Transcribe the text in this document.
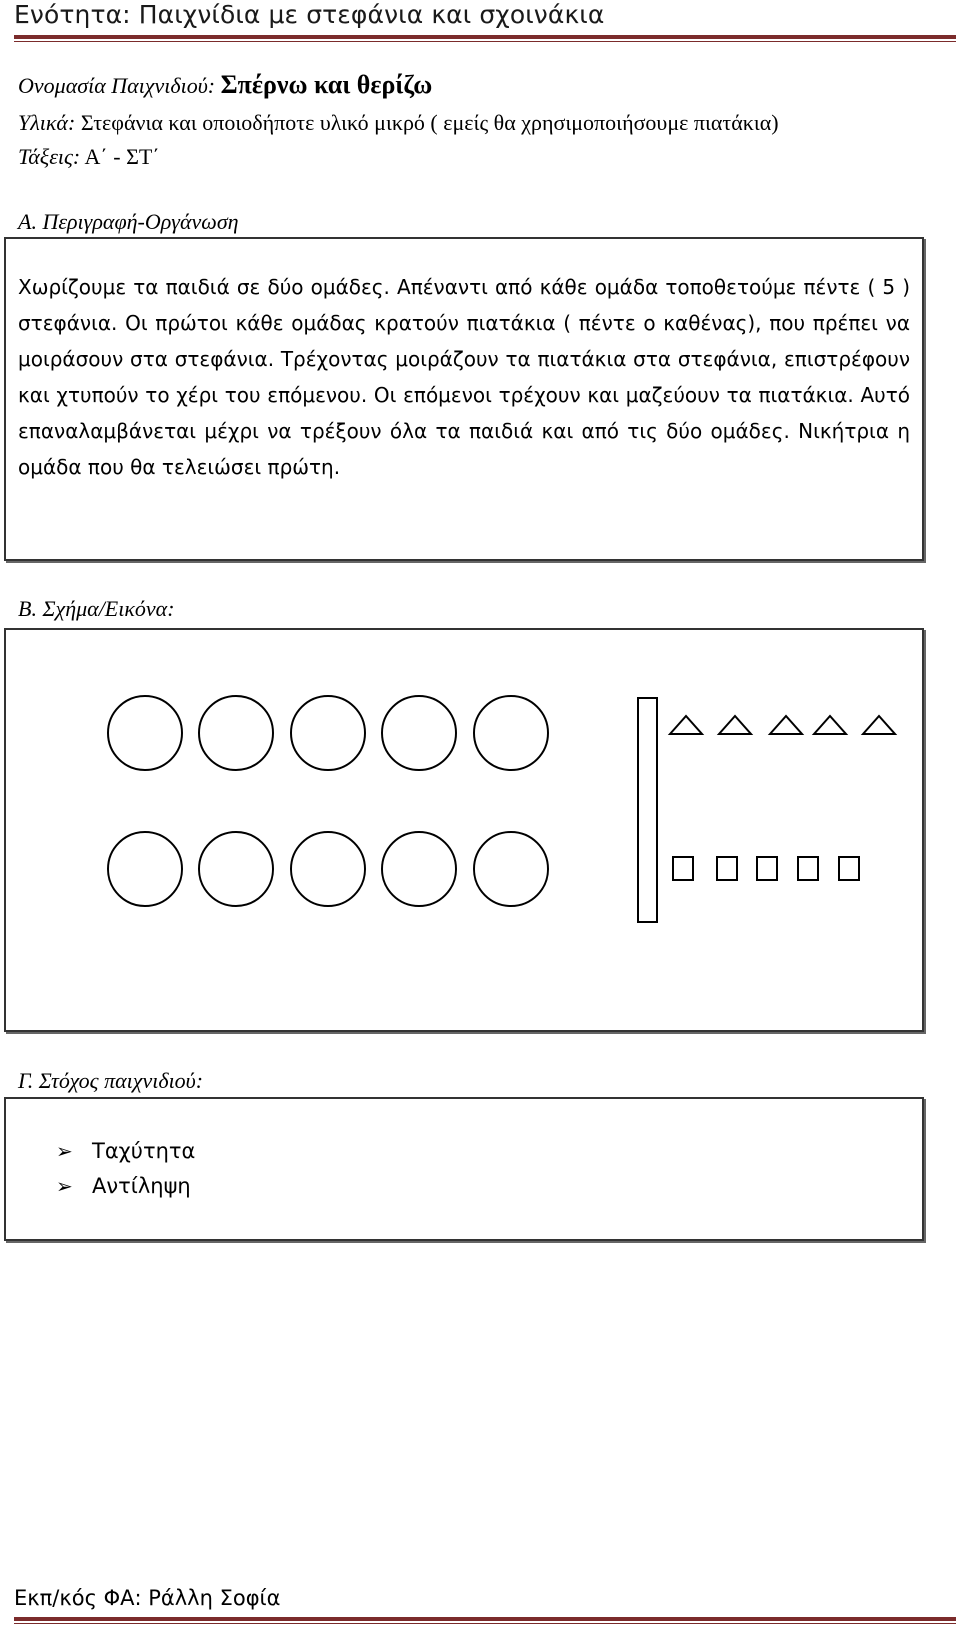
Ενότητα: Παιχνίδια με στεφάνια και σχοινάκια
Ονομασία Παιχνιδιού: Σπέρνω και θερίζω
Υλικά: Στεφάνια και οποιοδήποτε υλικό μικρό ( εμείς θα χρησιμοποιήσουμε πιατάκια)
Τάξεις: Α΄ - ΣΤ΄
Α. Περιγραφή-Οργάνωση

Χωρίζουμε τα παιδιά σε δύο ομάδες. Απέναντι από κάθε ομάδα τοποθετούμε πέντε ( 5 ) στεφάνια. Οι πρώτοι κάθε ομάδας κρατούν πιατάκια ( πέντε ο καθένας), που πρέπει να μοιράσουν στα στεφάνια. Τρέχοντας μοιράζουν τα πιατάκια στα στεφάνια, επιστρέφουν και χτυπούν το χέρι του επόμενου. Οι επόμενοι τρέχουν και μαζεύουν τα πιατάκια. Αυτό επαναλαμβάνεται μέχρι να τρέξουν όλα τα παιδιά και από τις δύο ομάδες. Νικήτρια η ομάδα που θα τελειώσει πρώτη.

Β. Σχήμα/Εικόνα:
Γ. Στόχος παιχνιδιού:
➢ Ταχύτητα
➢ Αντίληψη
Εκπ/κός ΦΑ: Ράλλη Σοφία
